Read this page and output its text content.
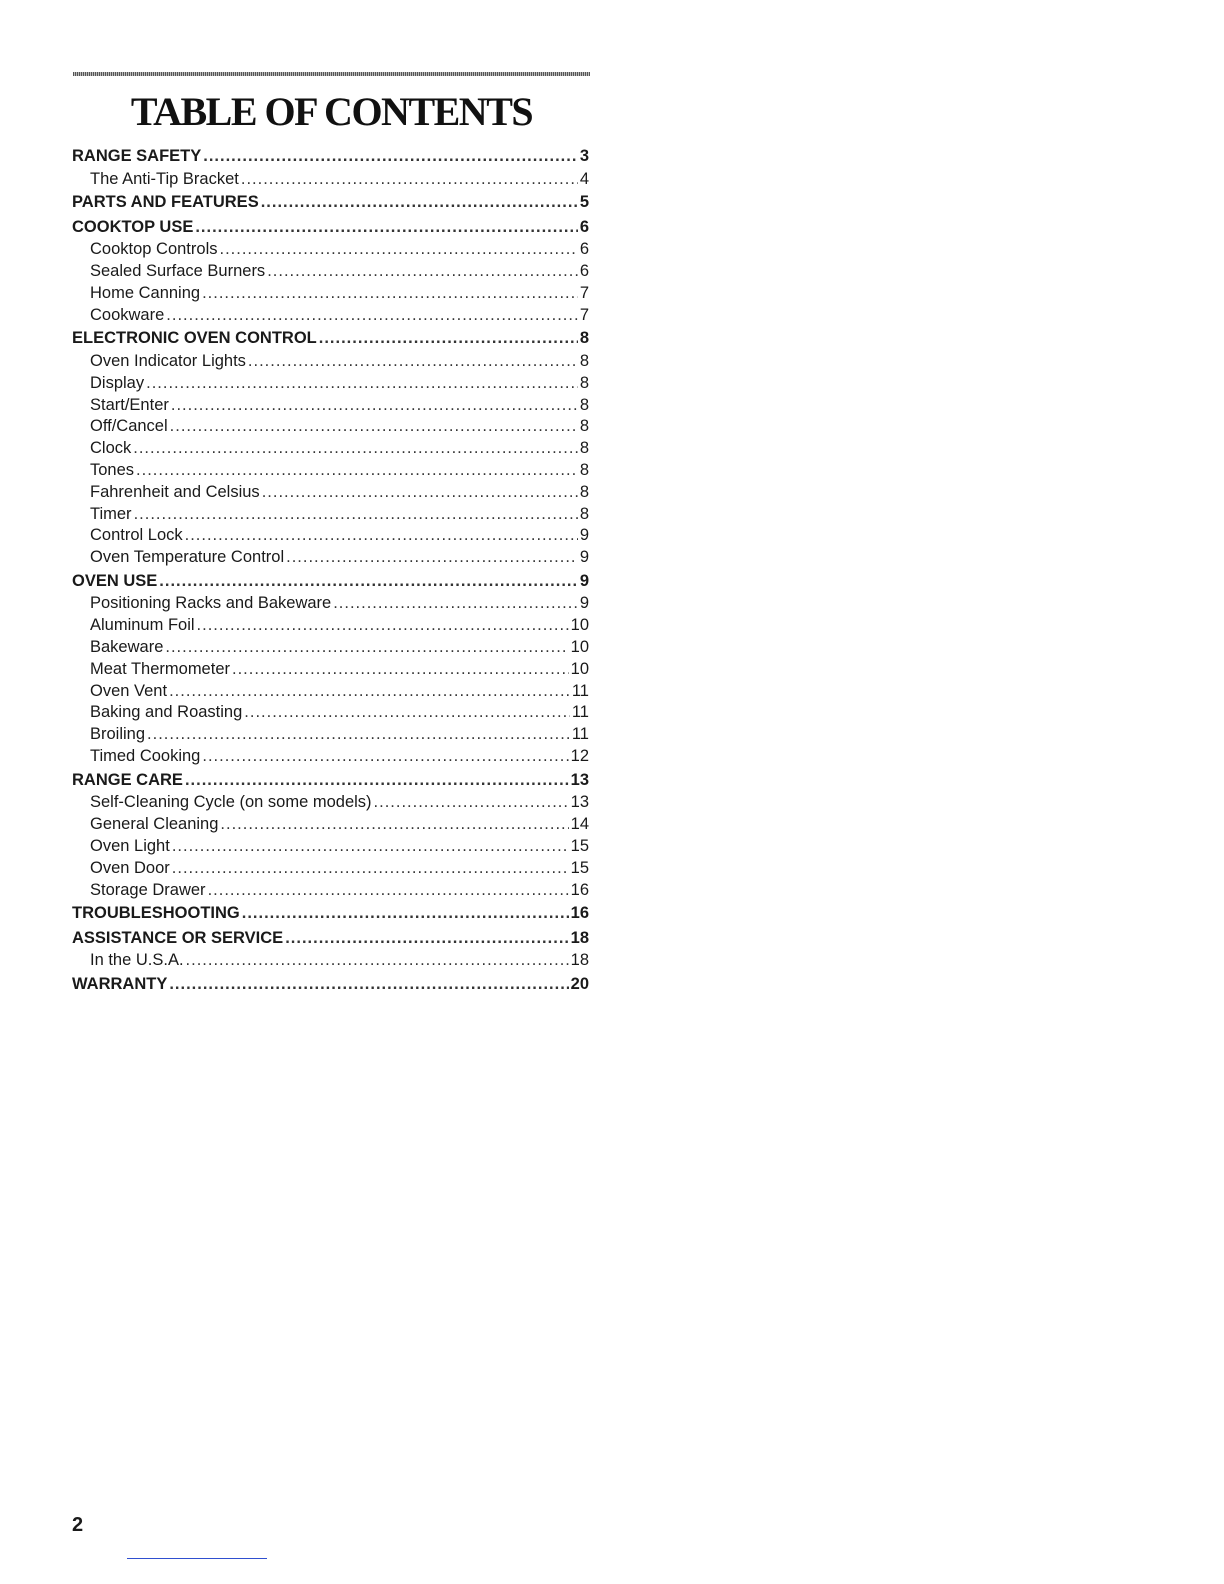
TABLE OF CONTENTS
RANGE SAFETY .....	3
The Anti-Tip Bracket .....	4
PARTS AND FEATURES .....	5
COOKTOP USE .....	6
Cooktop Controls .....	6
Sealed Surface Burners .....	6
Home Canning .....	7
Cookware .....	7
ELECTRONIC OVEN CONTROL .....	8
Oven Indicator Lights .....	8
Display .....	8
Start/Enter .....	8
Off/Cancel .....	8
Clock .....	8
Tones .....	8
Fahrenheit and Celsius .....	8
Timer .....	8
Control Lock .....	9
Oven Temperature Control .....	9
OVEN USE .....	9
Positioning Racks and Bakeware .....	9
Aluminum Foil .....	10
Bakeware .....	10
Meat Thermometer .....	10
Oven Vent .....	11
Baking and Roasting .....	11
Broiling .....	11
Timed Cooking .....	12
RANGE CARE .....	13
Self-Cleaning Cycle (on some models) .....	13
General Cleaning .....	14
Oven Light .....	15
Oven Door .....	15
Storage Drawer .....	16
TROUBLESHOOTING .....	16
ASSISTANCE OR SERVICE .....	18
In the U.S.A. .....	18
WARRANTY .....	20
2
